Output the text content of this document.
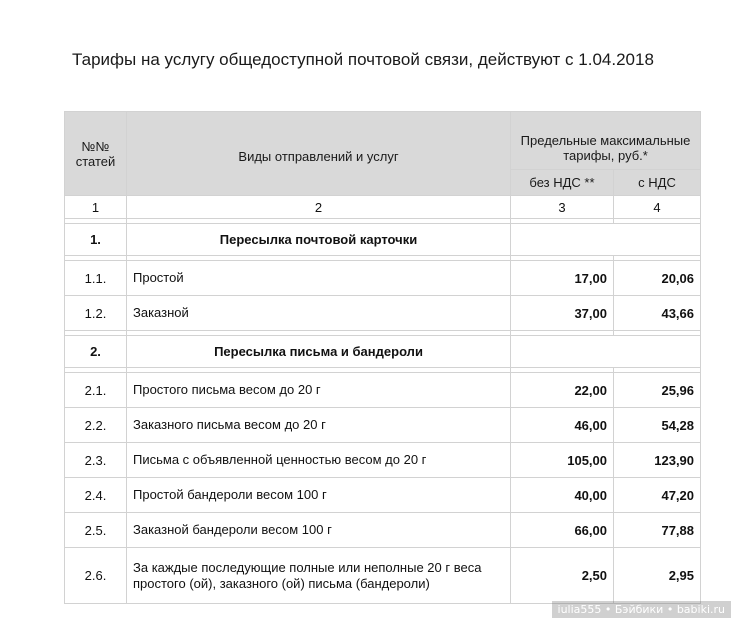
Тарифы на услугу общедоступной почтовой связи, действуют с 1.04.2018
№№ статей	Виды отправлений и услуг	Предельные максимальные тарифы, руб.*	
		без НДС **	с НДС
1	2	3	4

1.	Пересылка почтовой карточки		

1.1.	Простой	17,00	20,06
1.2.	Заказной	37,00	43,66

2.	Пересылка письма и бандероли		

2.1.	Простого письма весом до 20 г	22,00	25,96
2.2.	Заказного письма весом до 20 г	46,00	54,28
2.3.	Письма с объявленной ценностью весом до 20 г	105,00	123,90
2.4.	Простой бандероли весом 100 г	40,00	47,20
2.5.	Заказной бандероли весом 100 г	66,00	77,88
2.6.	За каждые последующие полные или неполные 20 г веса простого (ой), заказного (ой) письма (бандероли)	2,50	2,95
iulia555 • Бэйбики • babiki.ru
